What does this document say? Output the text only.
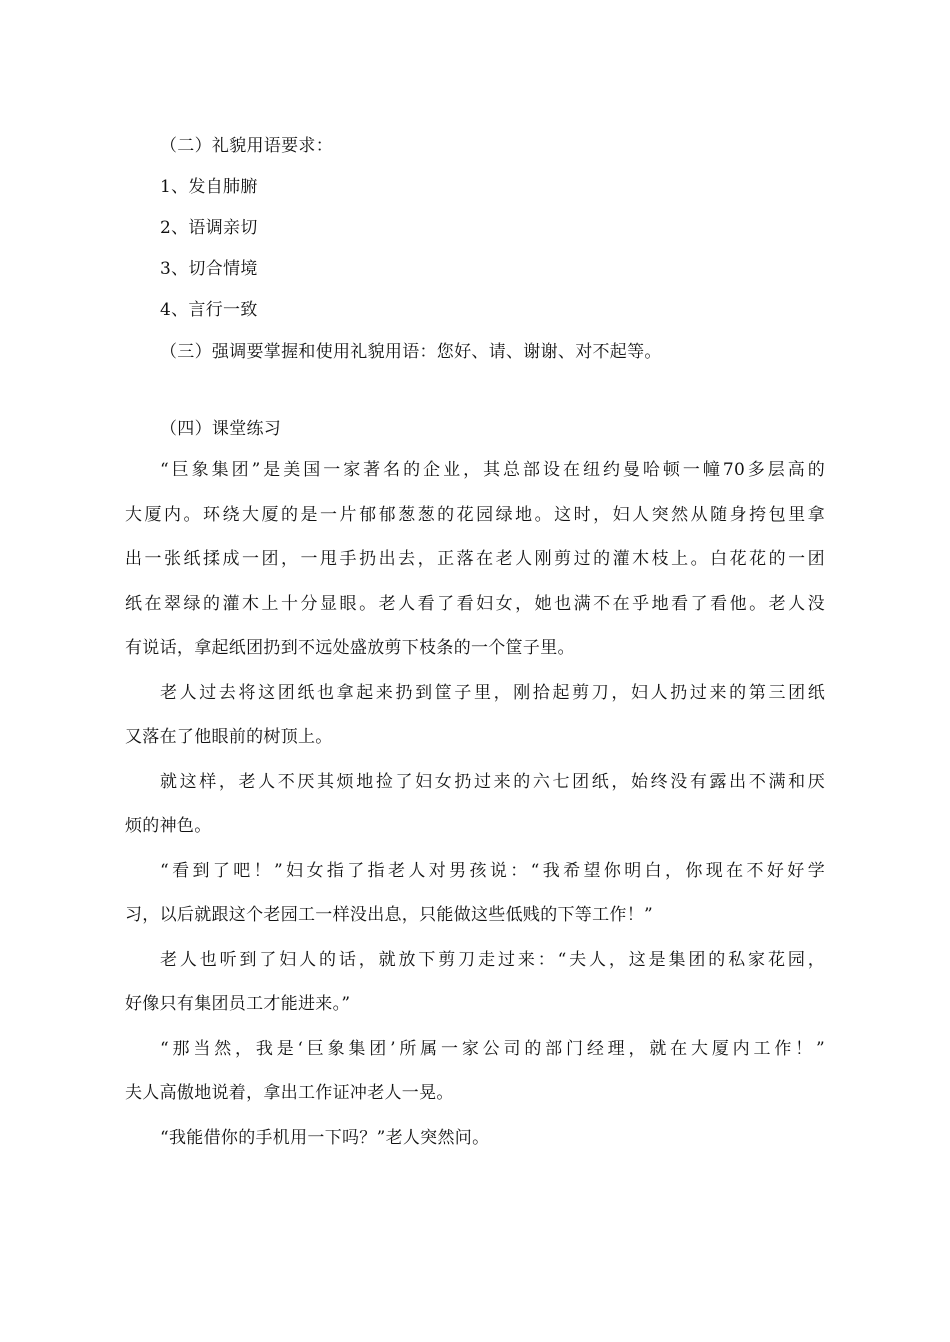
（二）礼貌用语要求：
1、发自肺腑
2、语调亲切
3、切合情境
4、言行一致
（三）强调要掌握和使用礼貌用语：您好、请、谢谢、对不起等。
（四）课堂练习
“巨象集团”是美国一家著名的企业，其总部设在纽约曼哈顿一幢70多层高的
大厦内。环绕大厦的是一片郁郁葱葱的花园绿地。这时，妇人突然从随身挎包里拿
出一张纸揉成一团，一甩手扔出去，正落在老人刚剪过的灌木枝上。白花花的一团
纸在翠绿的灌木上十分显眼。老人看了看妇女，她也满不在乎地看了看他。老人没
有说话，拿起纸团扔到不远处盛放剪下枝条的一个筐子里。
老人过去将这团纸也拿起来扔到筐子里，刚拾起剪刀，妇人扔过来的第三团纸
又落在了他眼前的树顶上。
就这样，老人不厌其烦地捡了妇女扔过来的六七团纸，始终没有露出不满和厌
烦的神色。
“看到了吧！”妇女指了指老人对男孩说：“我希望你明白，你现在不好好学
习，以后就跟这个老园工一样没出息，只能做这些低贱的下等工作！”
老人也听到了妇人的话，就放下剪刀走过来：“夫人，这是集团的私家花园，
好像只有集团员工才能进来。”
“那当然，我是‘巨象集团’所属一家公司的部门经理，就在大厦内工作！”
夫人高傲地说着，拿出工作证冲老人一晃。
“我能借你的手机用一下吗？”老人突然问。
